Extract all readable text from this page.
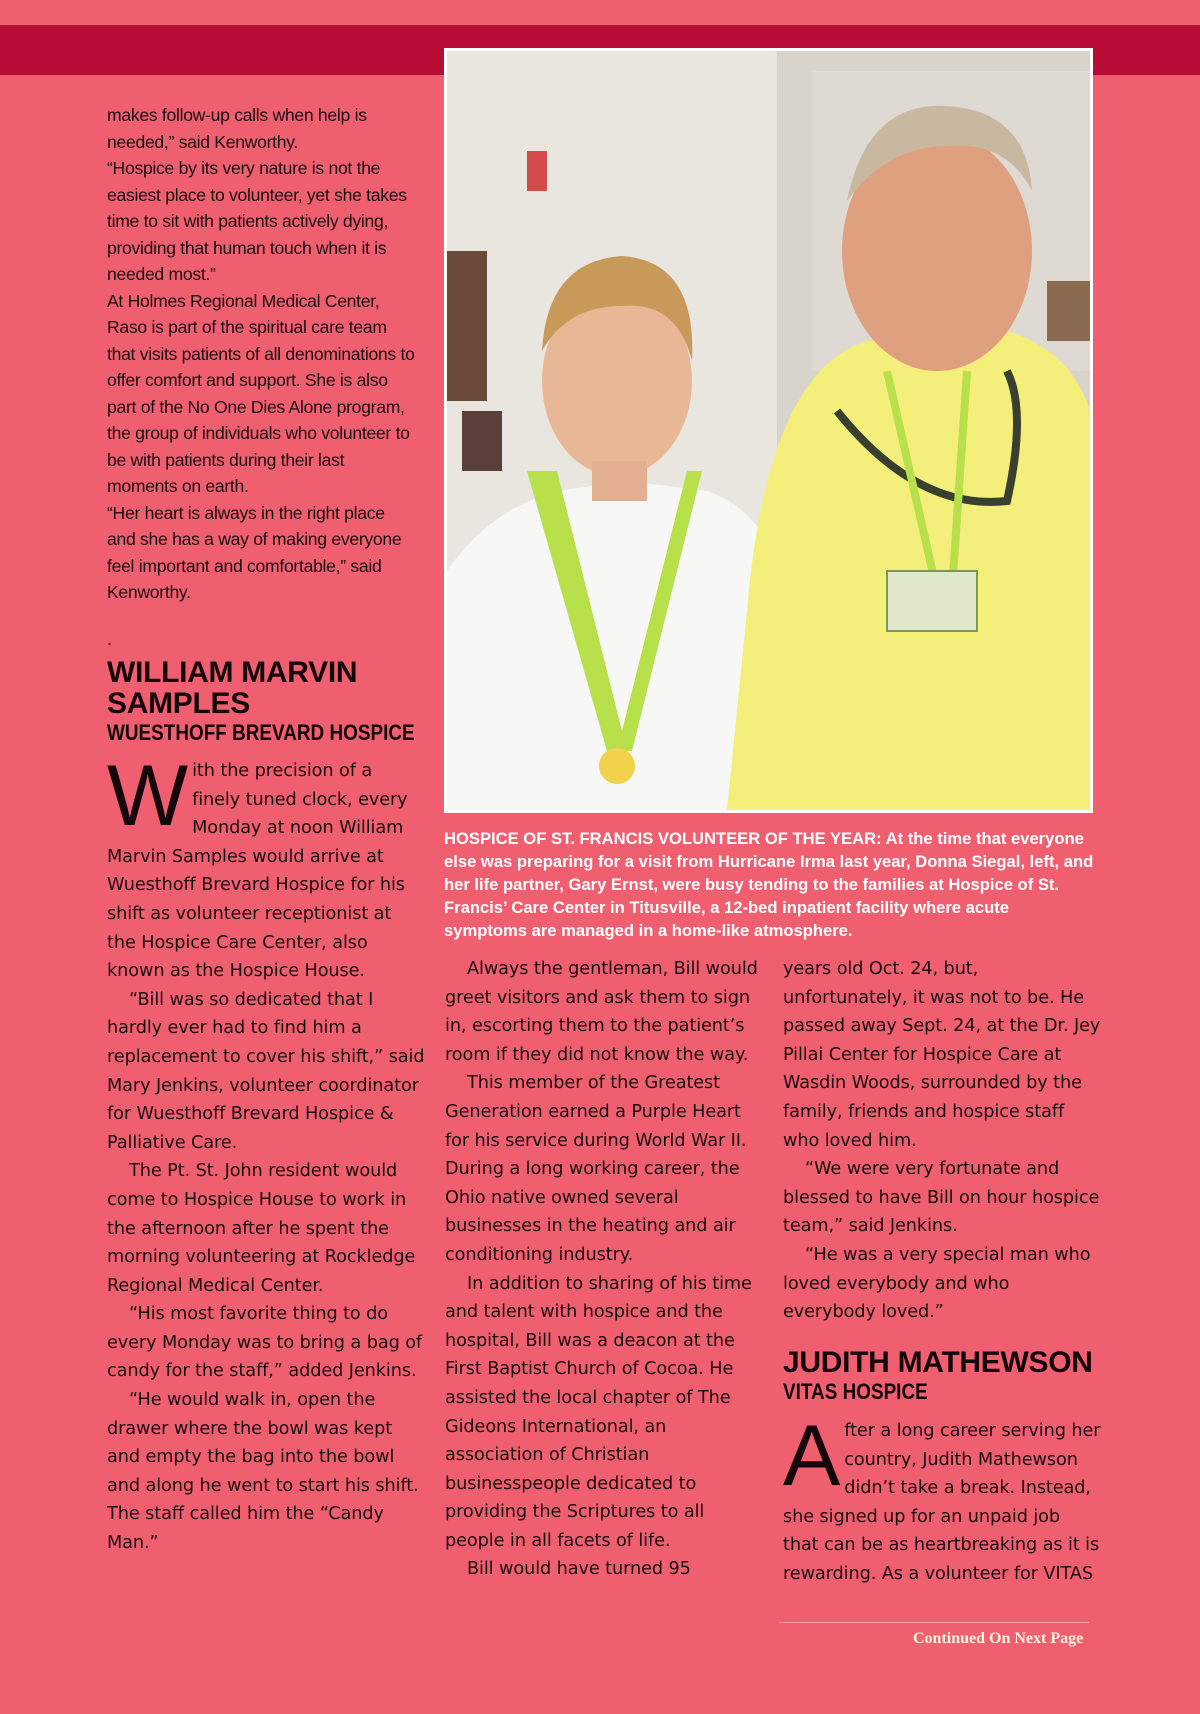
makes follow-up calls when help is needed,” said Kenworthy.

“Hospice by its very nature is not the easiest place to volunteer, yet she takes time to sit with patients actively dying, providing that human touch when it is needed most.”

At Holmes Regional Medical Center, Raso is part of the spiritual care team that visits patients of all denominations to offer comfort and support. She is also part of the No One Dies Alone program, the group of individuals who volunteer to be with patients during their last moments on earth.

“Her heart is always in the right place and she has a way of making everyone feel important and comfortable,” said Kenworthy.

.

HOSPICE OF ST. FRANCIS VOLUNTEER OF THE YEAR: At the time that everyone else was preparing for a visit from Hurricane Irma last year, Donna Siegal, left, and her life partner, Gary Ernst, were busy tending to the families at Hospice of St. Francis’ Care Center in Titusville, a 12-bed inpatient facility where acute symptoms are managed in a home-like atmosphere.

WILLIAM MARVIN SAMPLES

WUESTHOFF BREVARD HOSPICE

With the precision of a finely tuned clock, every Monday at noon William Marvin Samples would arrive at Wuesthoff Brevard Hospice for his shift as volunteer receptionist at the Hospice Care Center, also known as the Hospice House.

“Bill was so dedicated that I hardly ever had to find him a replacement to cover his shift,” said Mary Jenkins, volunteer coordinator for Wuesthoff Brevard Hospice & Palliative Care.

The Pt. St. John resident would come to Hospice House to work in the afternoon after he spent the morning volunteering at Rockledge Regional Medical Center.

“His most favorite thing to do every Monday was to bring a bag of candy for the staff,” added Jenkins.

“He would walk in, open the drawer where the bowl was kept and empty the bag into the bowl and along he went to start his shift. The staff called him the “Candy Man.”

Always the gentleman, Bill would greet visitors and ask them to sign in, escorting them to the patient’s room if they did not know the way.

This member of the Greatest Generation earned a Purple Heart for his service during World War II. During a long working career, the Ohio native owned several businesses in the heating and air conditioning industry.

In addition to sharing of his time and talent with hospice and the hospital, Bill was a deacon at the First Baptist Church of Cocoa. He assisted the local chapter of The Gideons International, an association of Christian businesspeople dedicated to providing the Scriptures to all people in all facets of life.

Bill would have turned 95

years old Oct. 24, but, unfortunately, it was not to be. He passed away Sept. 24, at the Dr. Jey Pillai Center for Hospice Care at Wasdin Woods, surrounded by the family, friends and hospice staff who loved him.

“We were very fortunate and blessed to have Bill on hour hospice team,” said Jenkins.

“He was a very special man who loved everybody and who everybody loved.”

JUDITH MATHEWSON

VITAS HOSPICE

After a long career serving her country, Judith Mathewson didn’t take a break. Instead, she signed up for an unpaid job that can be as heartbreaking as it is rewarding. As a volunteer for VITAS

Continued On Next Page
